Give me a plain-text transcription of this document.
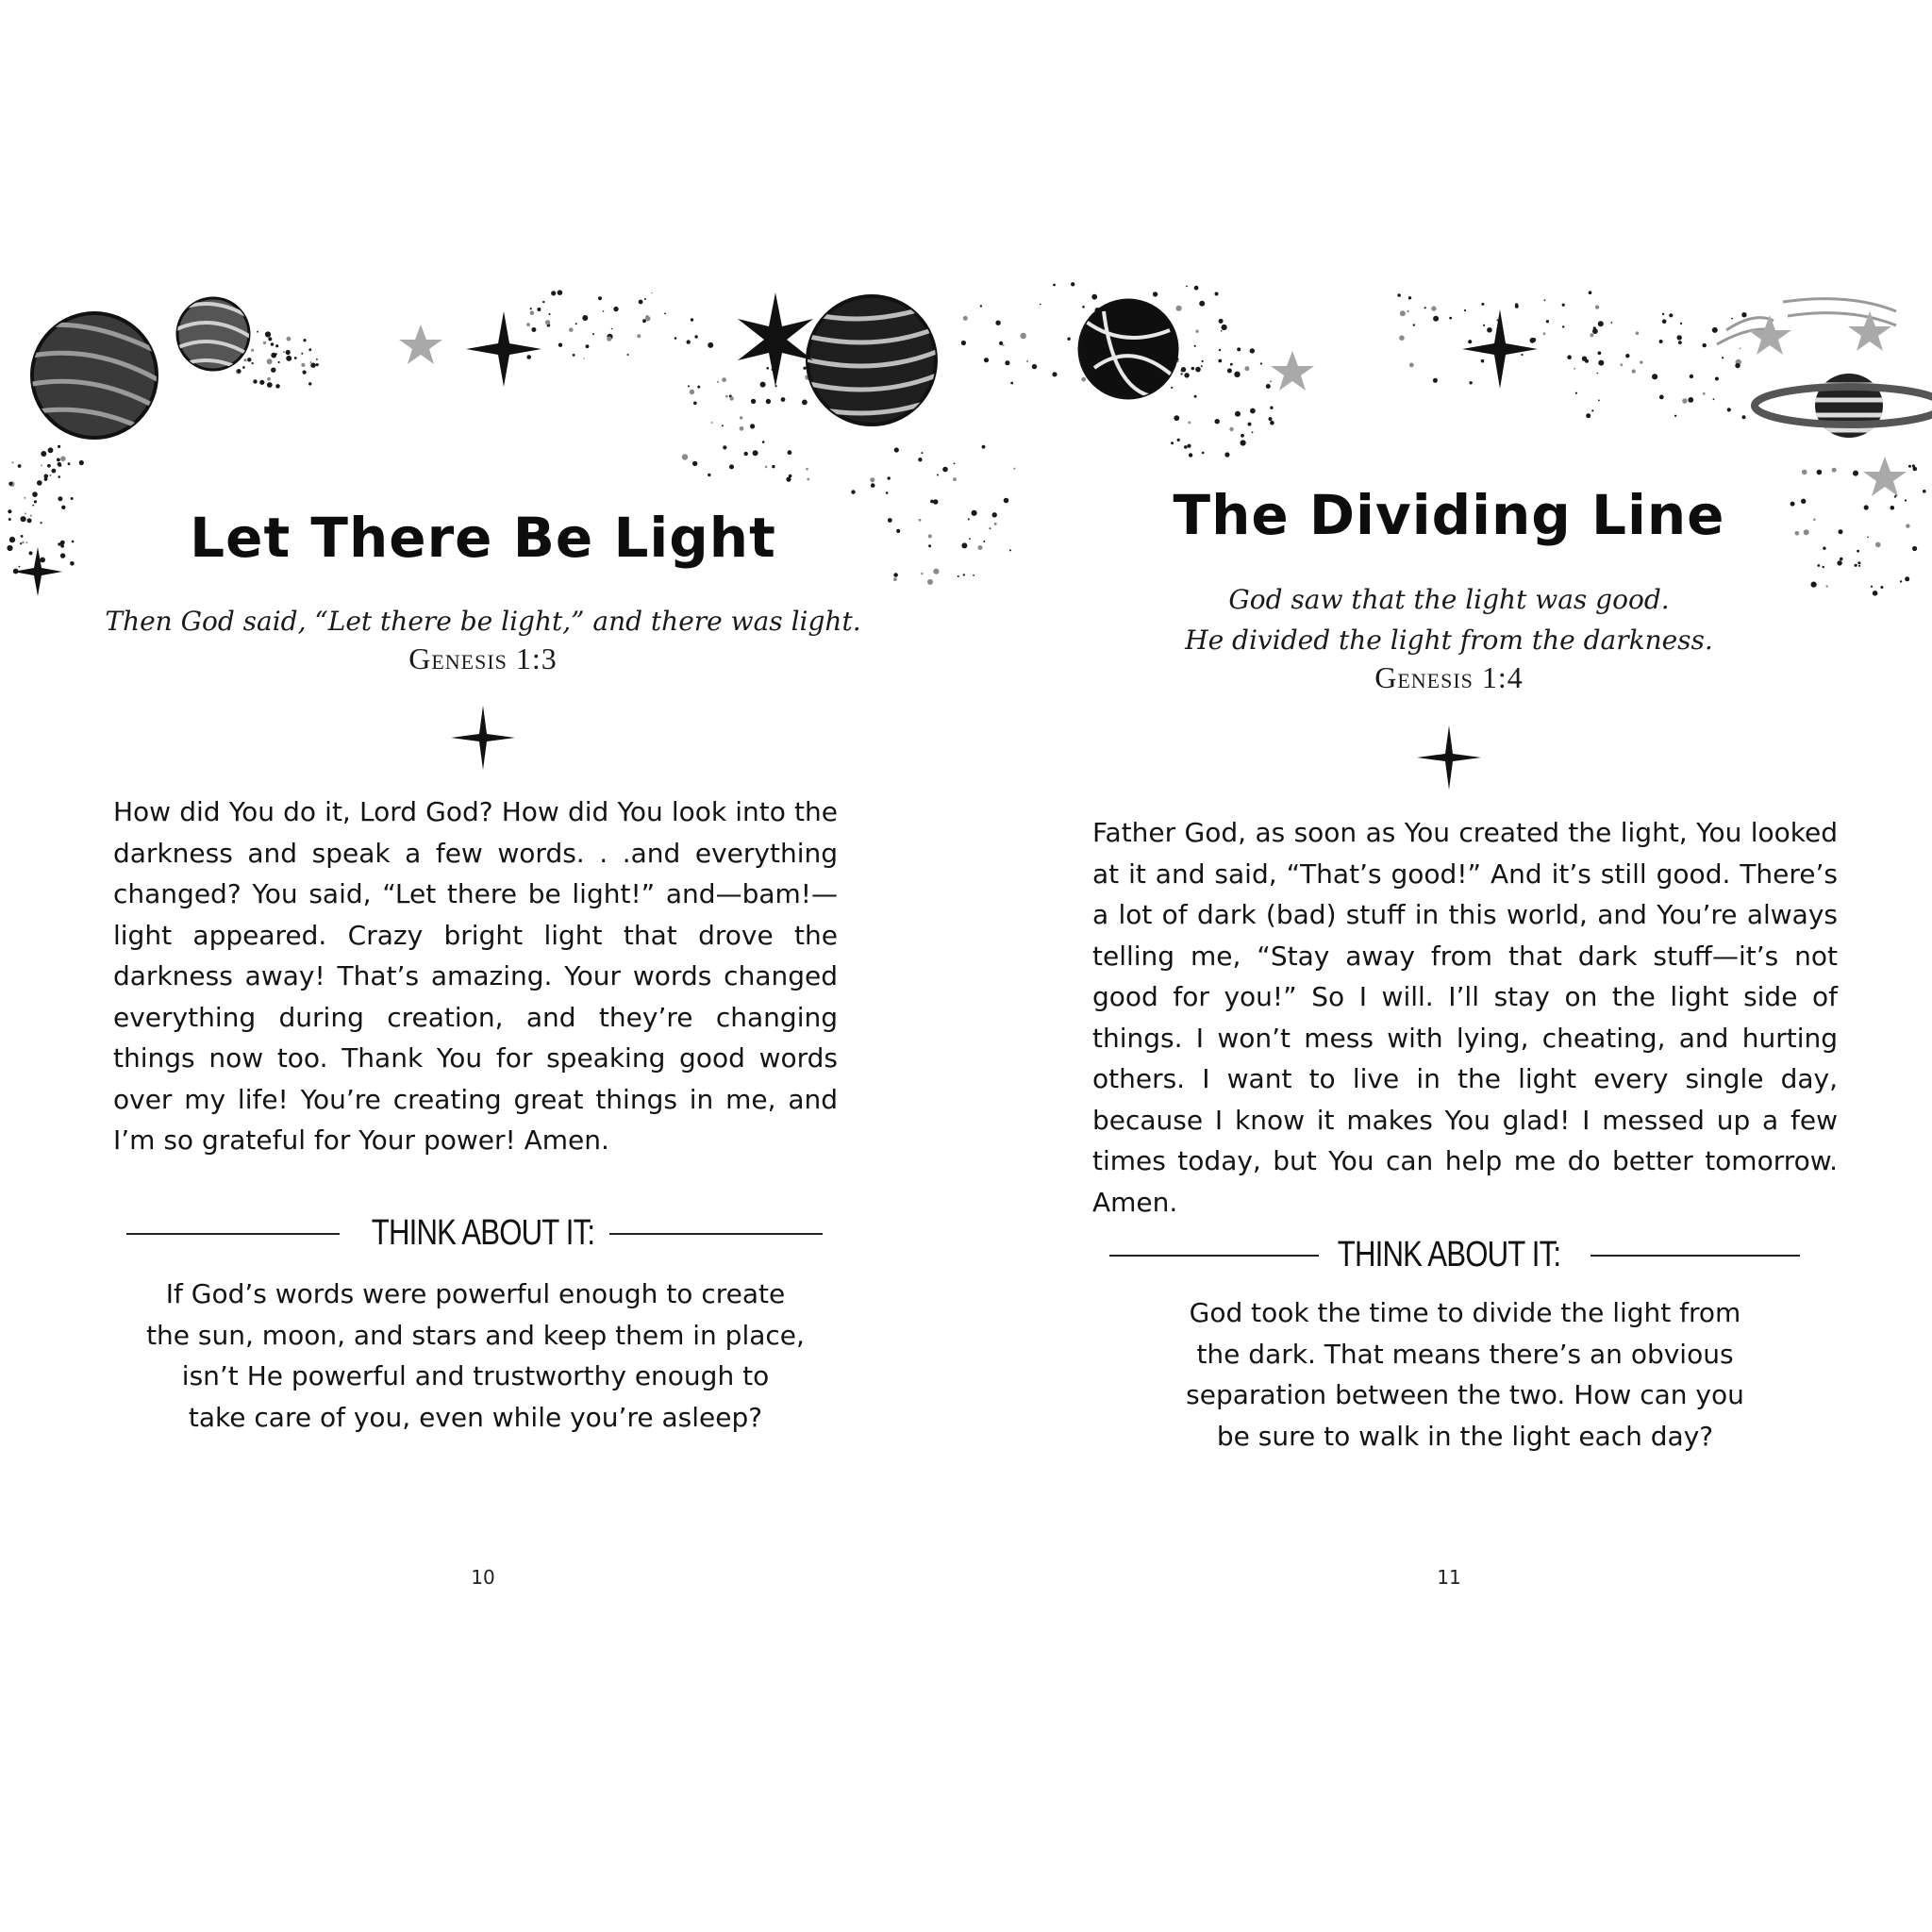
Let There Be Light
Then God said, “Let there be light,” and there was light.
Genesis 1:3

How did You do it, Lord God? How did You look into the darkness and speak a few words. . .and everything changed? You said, “Let there be light!” and—bam!—light appeared. Crazy bright light that drove the darkness away! That’s amazing. Your words changed everything during creation, and they’re changing things now too. Thank You for speaking good words over my life! You’re creating great things in me, and I’m so grateful for Your power! Amen.

THINK ABOUT IT:
If God’s words were powerful enough to create
the sun, moon, and stars and keep them in place,
isn’t He powerful and trustworthy enough to
take care of you, even while you’re asleep?
10
The Dividing Line
God saw that the light was good.
He divided the light from the darkness.
Genesis 1:4

Father God, as soon as You created the light, You looked at it and said, “That’s good!” And it’s still good. There’s a lot of dark (bad) stuff in this world, and You’re always telling me, “Stay away from that dark stuff—it’s not good for you!” So I will. I’ll stay on the light side of things. I won’t mess with lying, cheating, and hurting others. I want to live in the light every single day, because I know it makes You glad! I messed up a few times today, but You can help me do better tomorrow. Amen.

THINK ABOUT IT:
God took the time to divide the light from
the dark. That means there’s an obvious
separation between the two. How can you
be sure to walk in the light each day?
11
